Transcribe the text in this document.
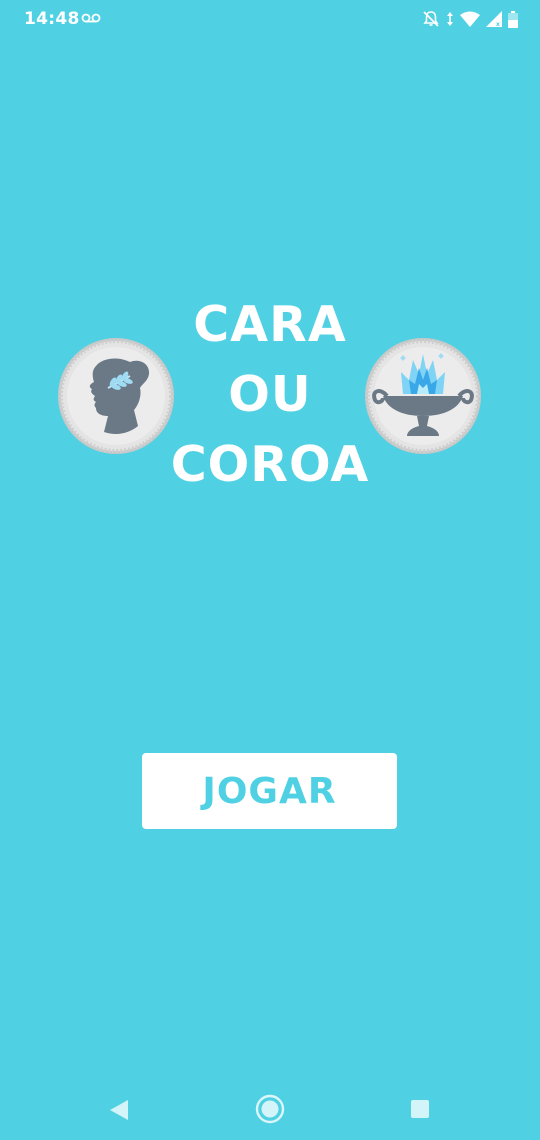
14:48	x
CARA
OU
COROA
JOGAR
